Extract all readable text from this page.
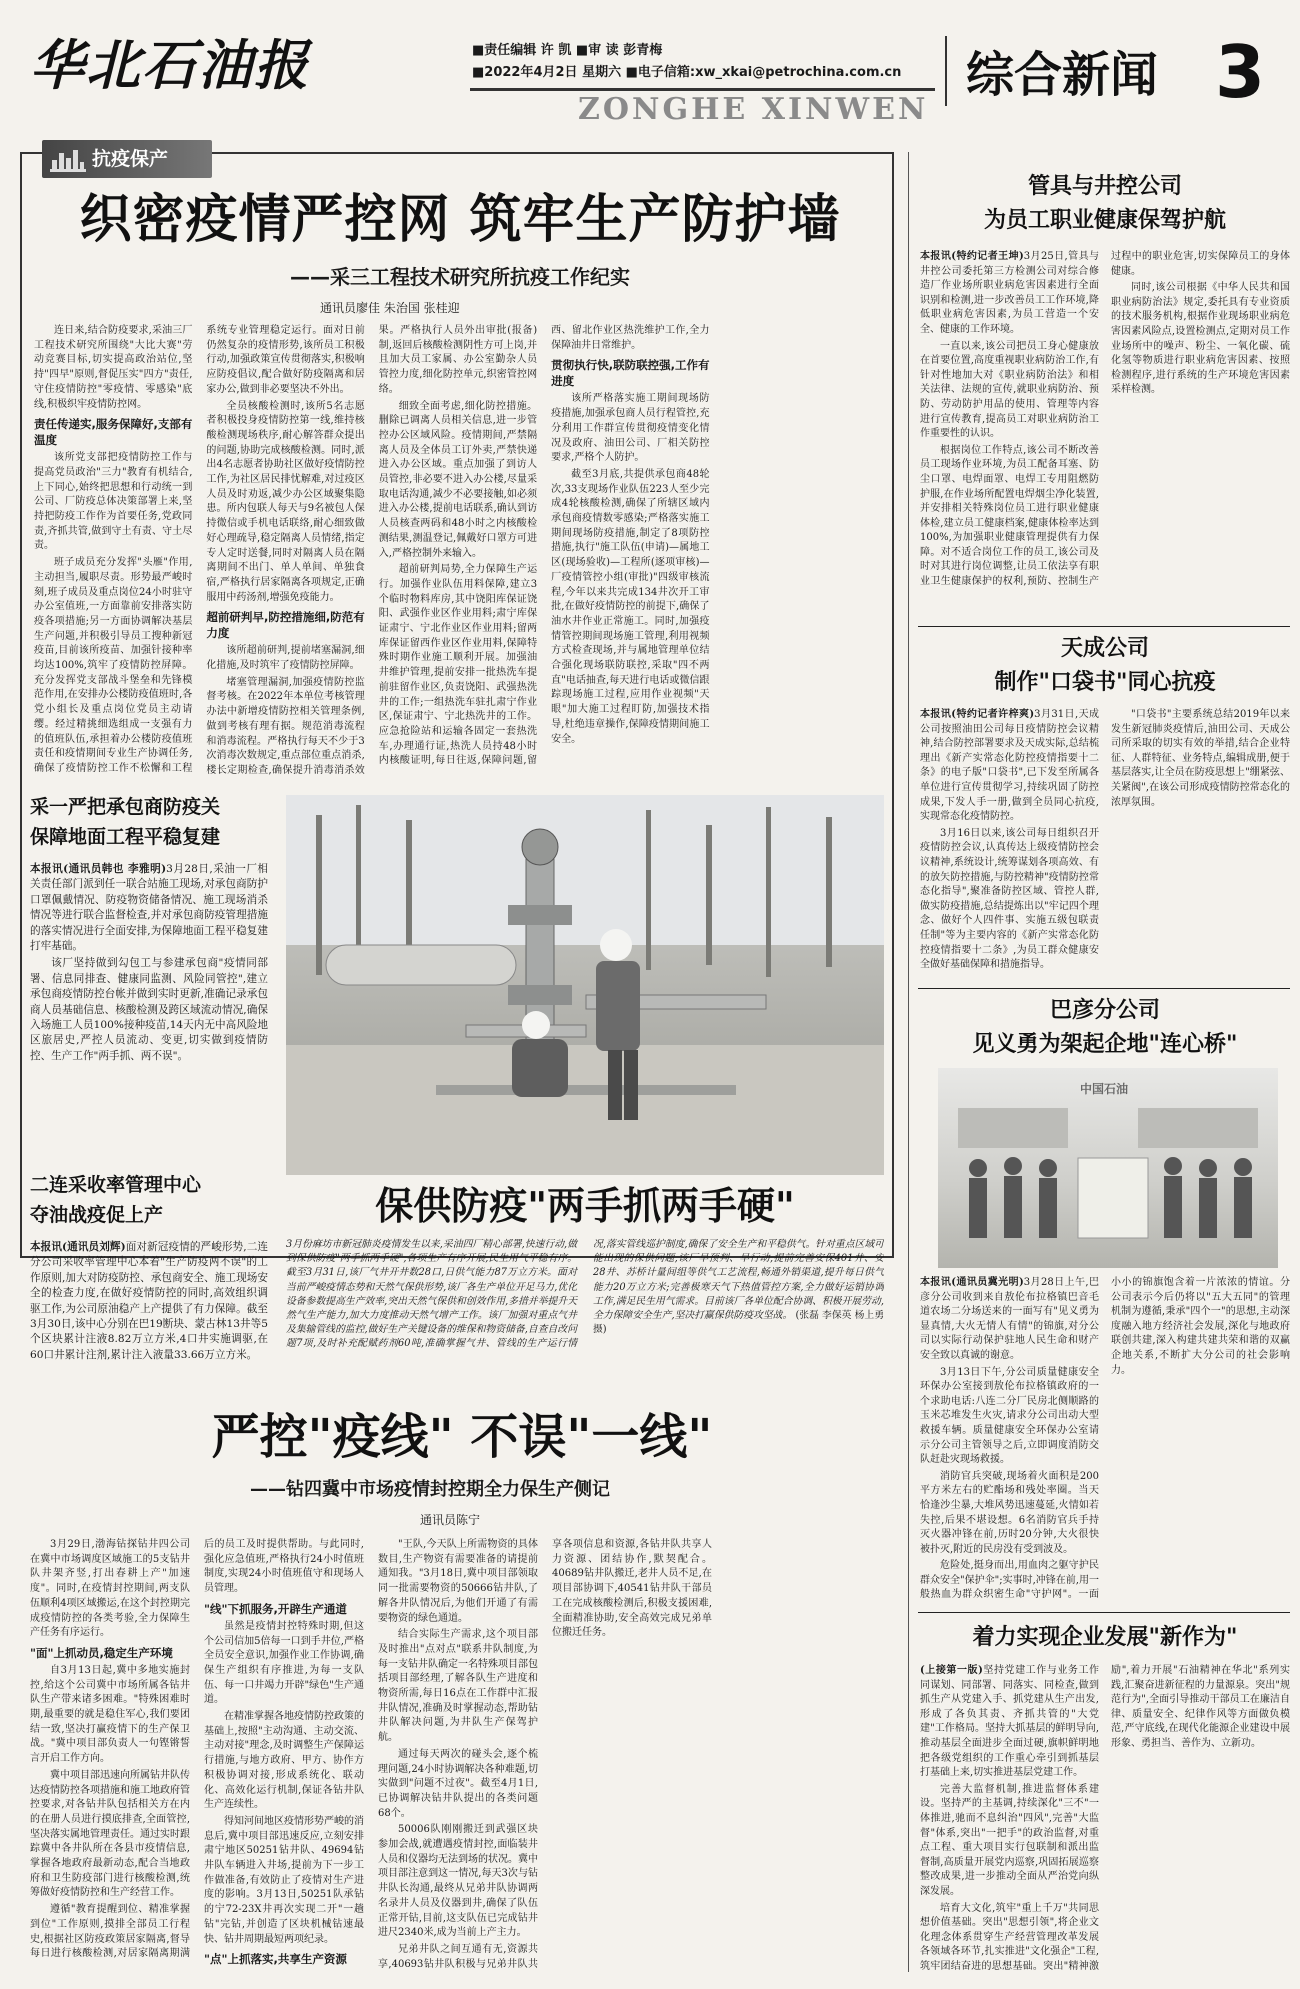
华北石油报	■责任编辑 许 凯 ■审 读 彭青梅
■2022年4月2日 星期六 ■电子信箱:xw_xkai@petrochina.com.cn
ZONGHE XINWEN
综合新闻 3
抗疫保产
织密疫情严控网 筑牢生产防护墙
——采三工程技术研究所抗疫工作纪实
通讯员廖佳 朱治国 张桂迎

连日来,结合防疫要求,采油三厂工程技术研究所围绕"大比大赛"劳动竞赛目标,切实提高政治站位,坚持"四早"原则,督促压实"四方"责任,守住疫情防控"零疫情、零感染"底线,积极织牢疫情防控网。

责任传递实,服务保障好,支部有温度

该所党支部把疫情防控工作与提高党员政治"三力"教育有机结合,上下同心,始终把思想和行动统一到公司、厂防疫总体决策部署上来,坚持把防疫工作作为首要任务,党政同责,齐抓共管,做到守土有责、守土尽责。

班子成员充分发挥"头雁"作用,主动担当,履职尽责。形势最严峻时刻,班子成员及重点岗位24小时驻守办公室值班,一方面靠前安排落实防疫各项措施;另一方面协调解决基层生产问题,并积极引导员工搜种新冠疫苗,目前该所疫苗、加强针接种率均达100%,筑牢了疫情防控屏障。充分发挥党支部战斗堡垒和先锋模范作用,在安排办公楼防疫值班时,各党小组长及重点岗位党员主动请缨。经过精挑细选组成一支强有力的值班队伍,承担着办公楼防疫值班责任和疫情期间专业生产协调任务,确保了疫情防控工作不松懈和工程系统专业管理稳定运行。面对日前仍然复杂的疫情形势,该所员工积极行动,加强政策宣传贯彻落实,积极响应防疫倡议,配合做好防疫隔离和居家办公,做到非必要坚决不外出。

全员核酸检测时,该所5名志愿者积极投身疫情防控第一线,维持核酸检测现场秩序,耐心解答群众提出的问题,协助完成核酸检测。同时,派出4名志愿者协助社区做好疫情防控工作,为社区居民排忧解难,对过疫区人员及时劝返,减少办公区域聚集隐患。所内包联人每天与9名被包人保持微信或手机电话联络,耐心细致做好心理疏导,稳定隔离人员情绪,指定专人定时送餐,同时对隔离人员在隔离期间不出门、单人单间、单独食宿,严格执行居家隔离各项规定,正确服用中药汤剂,增强免疫能力。

超前研判早,防控措施细,防范有力度

该所超前研判,提前堵塞漏洞,细化措施,及时筑牢了疫情防控屏障。

堵塞管理漏洞,加强疫情防控监督考核。在2022年本单位考核管理办法中新增疫情防控相关管理条例,做到考核有理有据。规范消毒流程和消毒流程。严格执行每天不少于3次消毒次数规定,重点部位重点消杀,楼长定期检查,确保提升消毒消杀效果。严格执行人员外出审批(报备)制,返回后核酸检测阴性方可上岗,并且加大员工家属、办公室勤杂人员管控力度,细化防控单元,织密管控网络。

细致全面考虑,细化防控措施。删除已调离人员相关信息,进一步管控办公区域风险。疫情期间,严禁隔离人员及全体员工订外卖,严禁快递进入办公区域。重点加强了到访人员管控,非必要不进入办公楼,尽量采取电话沟通,减少不必要接触,如必须进入办公楼,提前电话联系,确认到访人员核查两码和48小时之内核酸检测结果,测温登记,佩戴好口罩方可进入,严格控制外来输入。

超前研判局势,全力保障生产运行。加强作业队伍用料保障,建立3个临时物料库房,其中饶阳库保证饶阳、武强作业区作业用料;肃宁库保证肃宁、宁北作业区作业用料;留两库保证留西作业区作业用料,保障特殊时期作业施工顺利开展。加强油井维护管理,提前安排一批热洗车提前驻留作业区,负责饶阳、武强热洗井的工作;一组热洗车驻扎肃宁作业区,保证肃宁、宁北热洗井的工作。应急抢险站和运输各固定一套热洗车,办理通行证,热洗人员持48小时内核酸证明,每日往返,保障问题,留西、留北作业区热洗维护工作,全力保障油井日常维护。

贯彻执行快,联防联控强,工作有进度

该所严格落实施工期间现场防疫措施,加强承包商人员行程管控,充分利用工作群宣传贯彻疫情变化情况及政府、油田公司、厂相关防控要求,严格个人防护。

截至3月底,共提供承包商48轮次,33支现场作业队伍223人至少完成4轮核酸检测,确保了所辖区域内承包商疫情数零感染;严格落实施工期间现场防疫措施,制定了8项防控措施,执行"施工队伍(申请)—属地工区(现场验收)—工程所(逐项审核)—厂疫情管控小组(审批)"四级审核流程,今年以来共完成134井次开工审批,在做好疫情防控的前提下,确保了油水井作业正常施工。同时,加强疫情管控期间现场施工管理,利用视频方式检查现场,并与属地管理单位结合强化现场联防联控,采取"四不两直"电话抽查,每天进行电话或微信跟踪现场施工过程,应用作业视频"天眼"加大施工过程盯防,加强技术指导,杜绝违章操作,保障疫情期间施工安全。

采一严把承包商防疫关
保障地面工程平稳复建

本报讯(通讯员韩也 李雅明)3月28日,采油一厂相关责任部门派到任一联合站施工现场,对承包商防护口罩佩戴情况、防疫物资储备情况、施工现场消杀情况等进行联合监督检查,并对承包商防疫管理措施的落实情况进行全面安排,为保障地面工程平稳复建打牢基础。

该厂坚持做到勾包工与参建承包商"疫情同部署、信息同排查、健康同监测、风险同管控",建立承包商疫情防控台帐并做到实时更新,准确记录承包商人员基础信息、核酸检测及跨区域流动情况,确保入场施工人员100%接种疫苗,14天内无中高风险地区旅居史,严控人员流动、变更,切实做到疫情防控、生产工作"两手抓、两不误"。

二连采收率管理中心
夺油战疫促上产

本报讯(通讯员刘辉)面对新冠疫情的严峻形势,二连分公司采收率管理中心本着"生产防疫两不误"的工作原则,加大对防疫防控、承包商安全、施工现场安全的检查力度,在做好疫情防控的同时,高效组织调驱工作,为公司原油稳产上产提供了有力保障。截至3月30日,该中心分别在巴19断块、蒙古林13井等5个区块累计注液8.82万立方米,4口井实施调驱,在60口井累计注剂,累计注入液量33.66万立方米。

保供防疫"两手抓两手硬"
3月份麻坊市新冠肺炎疫情发生以来,采油四厂精心部署,快速行动,做到保供防疫"两手抓两手硬",各项生产有序开展,民生用气平稳有序。截至3月31日,该厂气井开井数28口,日供气能力87万立方米。面对当前严峻疫情态势和天然气保供形势,该厂各生产单位开足马力,优化设备参数提高生产效率,突出天然气保供和创效作用,多措并举提升天然气生产能力,加大力度推动天然气增产工作。该厂加强对重点气井及集输管线的监控,做好生产关键设备的维保和物资储备,自查自改问题7项,及时补充配赋药剂60吨,准确掌握气井、管线的生产运行情况,落实管线巡护制度,确保了安全生产和平稳供气。针对重点区域可能出现的保供问题,该厂早预判、早行动,提前完善安保401井、安28井、苏桥计量间组等供气工艺流程,畅通外销渠道,提升每日供气能力20万立方米;完善极寒天气下热值管控方案,全力做好运销协调工作,满足民生用气需求。目前该厂各单位配合协调、积极开展劳动,全力保障安全生产,坚决打赢保供防疫攻坚战。 (张磊 李保英 杨上勇 摄)
严控"疫线" 不误"一线"
——钻四冀中市场疫情封控期全力保生产侧记
通讯员陈宁

3月29日,渤海钻探钻井四公司在冀中市场调度区域施工的5支钻井队井架齐竖,打出春耕上产"加速度"。同时,在疫情封控期间,两支队伍顺利4项区域搬运,在这个封控期完成疫情防控的各类考验,全力保障生产任务有序运行。

"面"上抓动员,稳定生产环境

自3月13日起,冀中多地实施封控,给这个公司冀中市场所属各钻井队生产带来诸多困难。"特殊困难时期,最重要的就是稳住军心,我们要团结一致,坚决打赢疫情下的生产保卫战。"冀中项目部负责人一句铿锵誓言开启工作方向。

冀中项目部迅速向所属钻井队传达疫情防控各项措施和施工地政府管控要求,对各钻井队包括相关方在内的在册人员进行摸底排查,全面管控,坚决落实属地管理责任。通过实时跟踪冀中各井队所在各县市疫情信息,掌握各地政府最新动态,配合当地政府和卫生防疫部门进行核酸检测,统筹做好疫情防控和生产经营工作。

遵循"教育提醒到位、精准掌握到位"工作原则,摸排全部员工行程史,根据社区防疫政策居家隔离,督导每日进行核酸检测,对居家隔离期满后的员工及时提供帮助。与此同时,强化应急值班,严格执行24小时值班制度,实现24小时值班值守和现场人员管理。

"线"下抓服务,开辟生产通道

虽然是疫情封控特殊时期,但这个公司信加5倍每一口到手井位,严格全员安全意识,加强作业工作协调,确保生产组织有序推进,为每一支队伍、每一口井竭力开辟"绿色"生产通道。

在精准掌握各地疫情防控政策的基础上,按照"主动沟通、主动交流、主动对接"理念,及时调整生产保障运行措施,与地方政府、甲方、协作方积极协调对接,形成系统化、联动化、高效化运行机制,保证各钻井队生产连续性。

得知河间地区疫情形势严峻的消息后,冀中项目部迅速反应,立刻安排肃宁地区50251钻井队、49694钻井队车辆进入井场,提前为下一步工作做准备,有效防止了疫情对生产进度的影响。3月13日,50251队承钻的宁72-23X井再次实现二开"一趟钻"完钻,并创造了区块机械钻速最快、钻井周期最短两项纪录。

"点"上抓落实,共享生产资源

"王队,今天队上所需物资的具体数目,生产物资有需要准备的请提前通知我。"3月18日,冀中项目部领取同一批需要物资的50666钻井队,了解各井队情况后,为他们开通了有需要物资的绿色通道。

结合实际生产需求,这个项目部及时推出"点对点"联系井队制度,为每一支钻井队确定一名特殊项目部包括项目部经理,了解各队生产进度和物资所需,每日16点在工作群中汇报井队情况,准确及时掌握动态,帮助钻井队解决问题,为井队生产保驾护航。

通过每天两次的碰头会,逐个梳理问题,24小时协调解决各种难题,切实做到"问题不过夜"。截至4月1日,已协调解决钻井队提出的各类问题68个。

50006队刚刚搬迁到武强区块参加会战,就遭遇疫情封控,面临装井人员和仪器均无法到场的状况。冀中项目部注意到这一情况,每天3次与钻井队长沟通,最终从兄弟井队协调两名录井人员及仪器到井,确保了队伍正常开钻,目前,这支队伍已完成钻井进尺2340米,成为当前上产主力。

兄弟井队之间互通有无,资源共享,40693钻井队积极与兄弟井队共享各项信息和资源,各钻井队共享人力资源、团结协作,默契配合。40689钻井队搬迁,老井人员不足,在项目部协调下,40541钻井队干部员工在完成核酸检测后,积极支援困难,全面精准协助,安全高效完成兄弟单位搬迁任务。

管具与井控公司
为员工职业健康保驾护航

本报讯(特约记者王坤)3月25日,管具与井控公司委托第三方检测公司对综合修造厂作业场所职业病危害因素进行全面识别和检测,进一步改善员工工作环境,降低职业病危害因素,为员工营造一个安全、健康的工作环境。

一直以来,该公司把员工身心健康放在首要位置,高度重视职业病防治工作,有针对性地加大对《职业病防治法》和相关法律、法规的宣传,就职业病防治、预防、劳动防护用品的使用、管理等内容进行宣传教育,提高员工对职业病防治工作重要性的认识。

根据岗位工作特点,该公司不断改善员工现场作业环境,为员工配备耳塞、防尘口罩、电焊面罩、电焊工专用阻燃防护服,在作业场所配置电焊烟尘净化装置,并安排相关特殊岗位员工进行职业健康体检,建立员工健康档案,健康体检率达到100%,为加强职业健康管理提供有力保障。对不适合岗位工作的员工,该公司及时对其进行岗位调整,让员工依法享有职业卫生健康保护的权利,预防、控制生产过程中的职业危害,切实保障员工的身体健康。

同时,该公司根据《中华人民共和国职业病防治法》规定,委托具有专业资质的技术服务机构,根据作业现场职业病危害因素风险点,设置检测点,定期对员工作业场所中的噪声、粉尘、一氧化碳、硫化氢等物质进行职业病危害因素、按照检测程序,进行系统的生产环境危害因素采样检测。

天成公司
制作"口袋书"同心抗疫

本报讯(特约记者许梓爽)3月31日,天成公司按照油田公司每日疫情防控会议精神,结合防控部署要求及天成实际,总结梳理出《新产实常态化防控疫情指要十二条》的电子版"口袋书",已下发至所属各单位进行宣传贯彻学习,持续巩固了防控成果,下发人手一册,做到全员同心抗疫,实现常态化疫情防控。

3月16日以来,该公司每日组织召开疫情防控会议,认真传达上级疫情防控会议精神,系统设计,统筹谋划各项高效、有的放矢防控措施,与防控精神"疫情防控常态化指导",聚准备防控区域、管控人群,做实防疫措施,总结提炼出以"牢记四个理念、做好个人四件事、实施五级包联责任制"等为主要内容的《新产实常态化防控疫情指要十二条》,为员工群众健康安全做好基础保障和措施指导。

"口袋书"主要系统总结2019年以来发生新冠肺炎疫情后,油田公司、天成公司所采取的切实有效的举措,结合企业特征、人群特征、业务特点,编辑成册,便于基层落实,让全员在防疫思想上"绷紧弦、关紧阀",在该公司形成疫情防控常态化的浓厚氛围。

巴彦分公司
见义勇为架起企地"连心桥"
中国石油

本报讯(通讯员冀光明)3月28日上午,巴彦分公司收到来自敖伦布拉格镇巴音毛道农场二分场送来的一面写有"见义勇为显真情,大火无情人有情"的锦旗,对分公司以实际行动保护驻地人民生命和财产安全致以真诚的谢意。

3月13日下午,分公司质量健康安全环保办公室接到敖伦布拉格镇政府的一个求助电话:八连二分厂民房北侧顺路的玉米芯堆发生火灾,请求分公司出动大型救援车辆。质量健康安全环保办公室请示分公司主管领导之后,立即调度消防交队赶赴灾现场救援。

消防官兵突破,现场着火面积是200平方米左右的贮酯场和残处率圈。当天恰逢沙尘暴,大堆风势迅速蔓延,火情如若失控,后果不堪设想。6名消防官兵手持灭火器冲锋在前,历时20分钟,大火很快被扑灭,附近的民房没有受到波及。

危险处,挺身而出,用血肉之躯守护民群众安全"保护伞";实事时,冲锋在前,用一般热血为群众织密生命"守护网"。一面小小的锦旗饱含着一片浓浓的情谊。分公司表示今后仍将以"五大五同"的管理机制为遵循,秉承"四个一"的思想,主动深度融入地方经济社会发展,深化与地政府联创共建,深入构建共建共荣和谐的双赢企地关系,不断扩大分公司的社会影响力。

着力实现企业发展"新作为"

(上接第一版)坚持党建工作与业务工作同谋划、同部署、同落实、同检查,做到抓生产从党建入手、抓党建从生产出发,形成了各负其责、齐抓共管的"大党建"工作格局。坚持大抓基层的鲜明导向,推动基层全面进步全面过硬,旗帜鲜明地把各级党组织的工作重心牵引到抓基层打基础上来,切实推进基层党建工作。

完善大监督机制,推进监督体系建设。坚持严的主基调,持续深化"三不"一体推进,驰而不息纠治"四风",完善"大监督"体系,突出"一把手"的政治监督,对重点工程、重大项目实行包联制和派出监督制,高质量开展党内巡察,巩固拓展巡察整改成果,进一步推动全面从严治党向纵深发展。

培育大文化,筑牢"重上千万"共同思想价值基础。突出"思想引领",将企业文化理念体系贯穿生产经营管理改革发展各领域各环节,扎实推进"文化强企"工程,筑牢团结奋进的思想基础。突出"精神激励",着力开展"石油精神在华北"系列实践,汇聚奋进新征程的力量源泉。突出"规范行为",全面引导推动干部员工在廉洁自律、质量安全、纪律作风等方面做负模范,严守底线,在现代化能源企业建设中展形象、勇担当、善作为、立新功。
